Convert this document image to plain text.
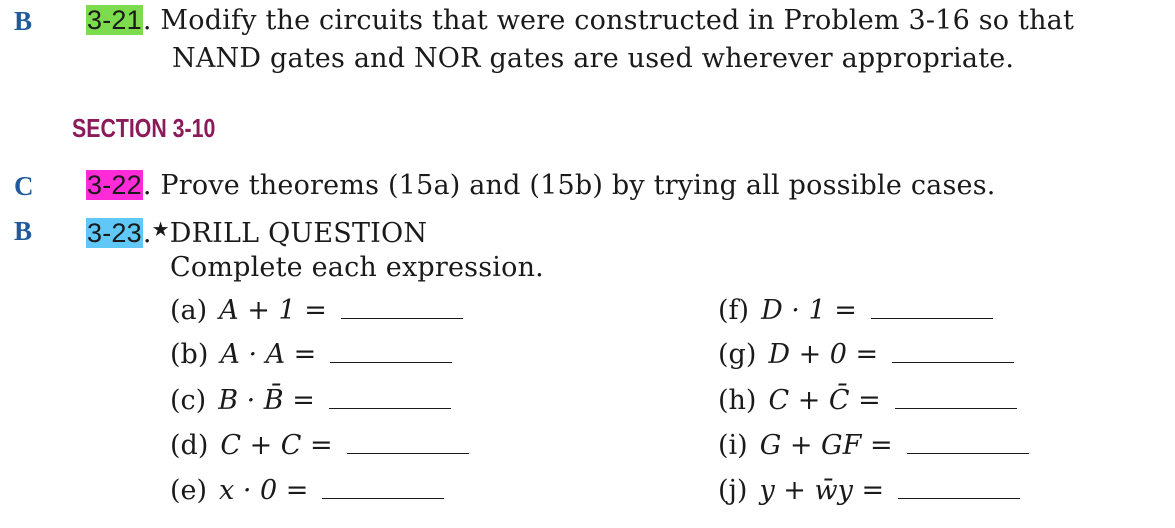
B 3-21. Modify the circuits that were constructed in Problem 3-16 so that
NAND gates and NOR gates are used wherever appropriate.
SECTION 3-10
C 3-22. Prove theorems (15a) and (15b) by trying all possible cases.
B 3-23.★DRILL QUESTION
Complete each expression.
(a) A + 1 =
(b) A · A =
(c) B · B̄ =
(d) C + C =
(e) x · 0 =
(f) D · 1 =
(g) D + 0 =
(h) C + C̄ =
(i) G + GF =
(j) y + w̄y =
